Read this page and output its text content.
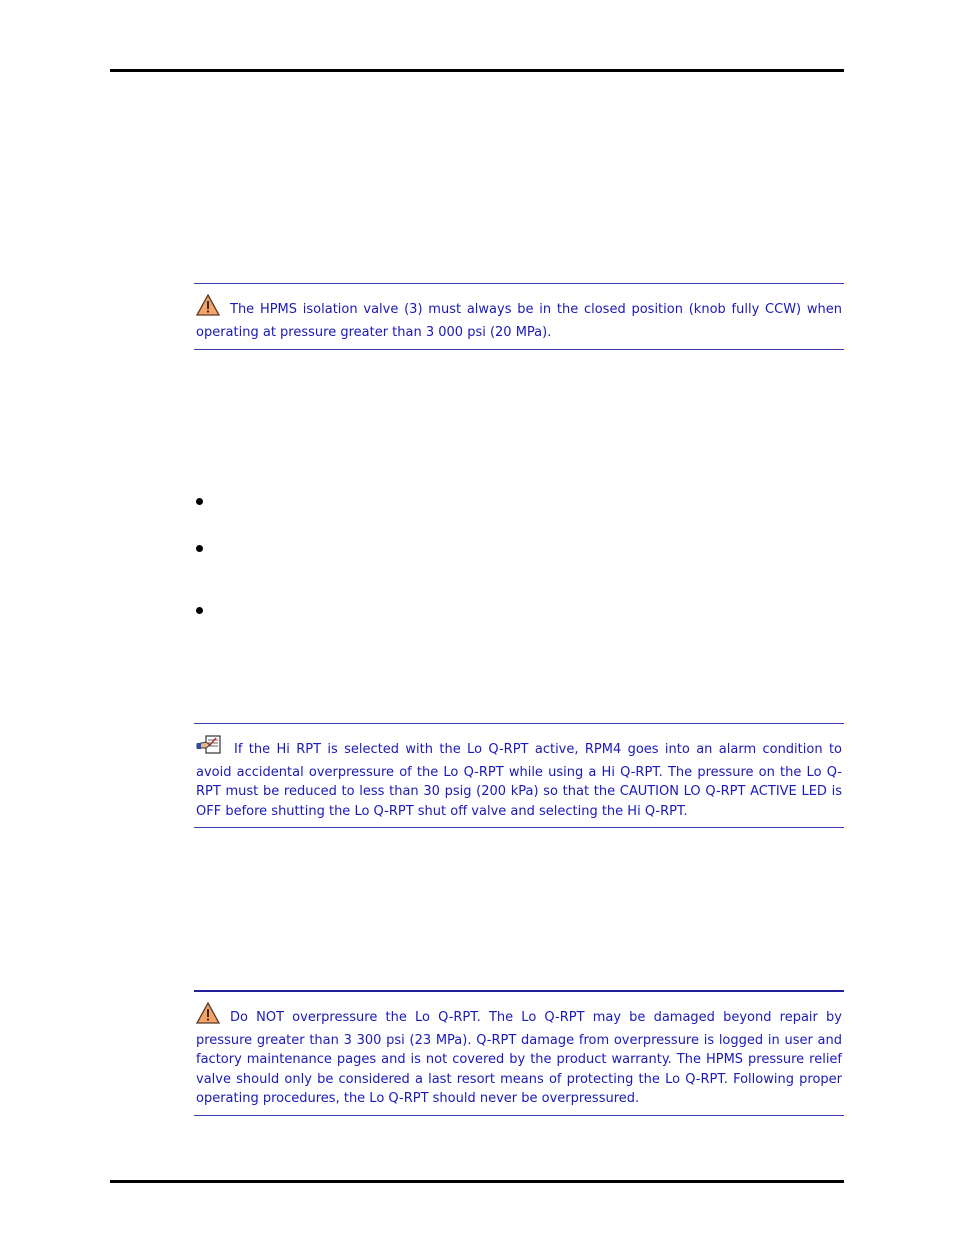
The HPMS isolation valve (3) must always be in the closed position (knob fully CCW) when operating at pressure greater than 3 000 psi (20 MPa).

If the Hi RPT is selected with the Lo Q-RPT active, RPM4 goes into an alarm condition to avoid accidental overpressure of the Lo Q-RPT while using a Hi Q-RPT. The pressure on the Lo Q-RPT must be reduced to less than 30 psig (200 kPa) so that the CAUTION LO Q-RPT ACTIVE LED is OFF before shutting the Lo Q-RPT shut off valve and selecting the Hi Q-RPT.

Do NOT overpressure the Lo Q-RPT. The Lo Q-RPT may be damaged beyond repair by pressure greater than 3 300 psi (23 MPa). Q-RPT damage from overpressure is logged in user and factory maintenance pages and is not covered by the product warranty. The HPMS pressure relief valve should only be considered a last resort means of protecting the Lo Q-RPT. Following proper operating procedures, the Lo Q-RPT should never be overpressured.
